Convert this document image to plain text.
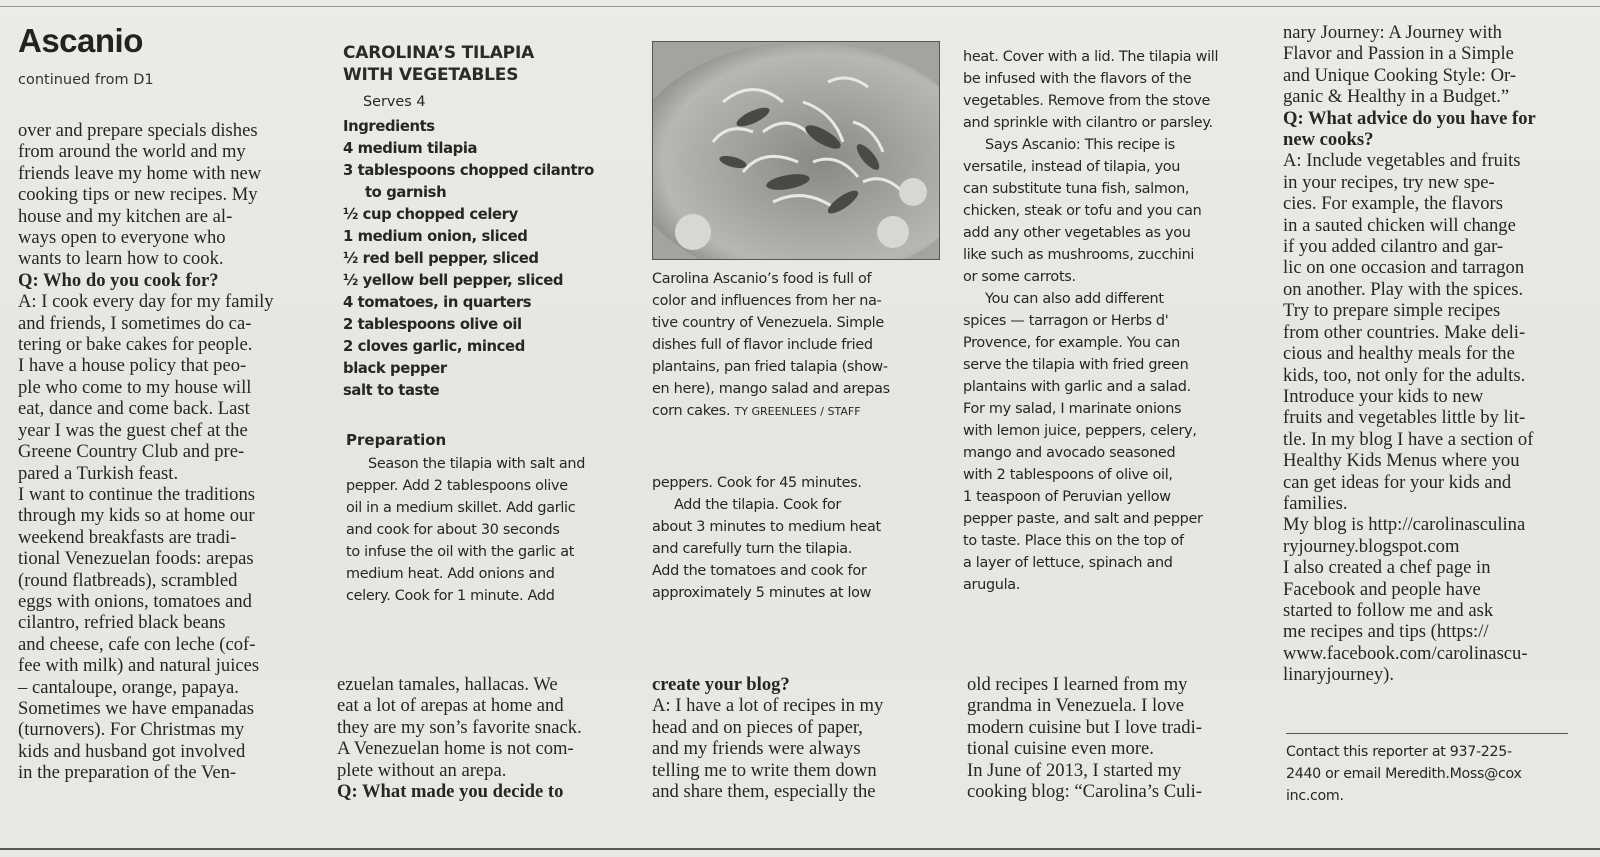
Ascanio
continued from D1
over and prepare specials dishes
from around the world and my
friends leave my home with new
cooking tips or new recipes. My
house and my kitchen are al-
ways open to everyone who
wants to learn how to cook.
Q: Who do you cook for?
A: I cook every day for my family
and friends, I sometimes do ca-
tering or bake cakes for people.
I have a house policy that peo-
ple who come to my house will
eat, dance and come back. Last
year I was the guest chef at the
Greene Country Club and pre-
pared a Turkish feast.
I want to continue the traditions
through my kids so at home our
weekend breakfasts are tradi-
tional Venezuelan foods: arepas
(round flatbreads), scrambled
eggs with onions, tomatoes and
cilantro, refried black beans
and cheese, cafe con leche (cof-
fee with milk) and natural juices
– cantaloupe, orange, papaya.
Sometimes we have empanadas
(turnovers). For Christmas my
kids and husband got involved
in the preparation of the Ven-
CAROLINA’S TILAPIA
WITH VEGETABLES
Serves 4
Ingredients
4 medium tilapia
3 tablespoons chopped cilantro
to garnish
½ cup chopped celery
1 medium onion, sliced
½ red bell pepper, sliced
½ yellow bell pepper, sliced
4 tomatoes, in quarters
2 tablespoons olive oil
2 cloves garlic, minced
black pepper
salt to taste
Preparation
Season the tilapia with salt and
pepper. Add 2 tablespoons olive
oil in a medium skillet. Add garlic
and cook for about 30 seconds
to infuse the oil with the garlic at
medium heat. Add onions and
celery. Cook for 1 minute. Add
ezuelan tamales, hallacas. We
eat a lot of arepas at home and
they are my son’s favorite snack.
A Venezuelan home is not com-
plete without an arepa.
Q: What made you decide to
Carolina Ascanio’s food is full of
color and influences from her na-
tive country of Venezuela. Simple
dishes full of flavor include fried
plantains, pan fried talapia (show-
en here), mango salad and arepas
corn cakes. TY GREENLEES / STAFF
peppers. Cook for 45 minutes.
Add the tilapia. Cook for
about 3 minutes to medium heat
and carefully turn the tilapia.
Add the tomatoes and cook for
approximately 5 minutes at low
create your blog?
A: I have a lot of recipes in my
head and on pieces of paper,
and my friends were always
telling me to write them down
and share them, especially the
heat. Cover with a lid. The tilapia will
be infused with the flavors of the
vegetables. Remove from the stove
and sprinkle with cilantro or parsley.
Says Ascanio: This recipe is
versatile, instead of tilapia, you
can substitute tuna fish, salmon,
chicken, steak or tofu and you can
add any other vegetables as you
like such as mushrooms, zucchini
or some carrots.
You can also add different
spices — tarragon or Herbs d'
Provence, for example. You can
serve the tilapia with fried green
plantains with garlic and a salad.
For my salad, I marinate onions
with lemon juice, peppers, celery,
mango and avocado seasoned
with 2 tablespoons of olive oil,
1 teaspoon of Peruvian yellow
pepper paste, and salt and pepper
to taste. Place this on the top of
a layer of lettuce, spinach and
arugula.
old recipes I learned from my
grandma in Venezuela. I love
modern cuisine but I love tradi-
tional cuisine even more.
In June of 2013, I started my
cooking blog: “Carolina’s Culi-
nary Journey: A Journey with
Flavor and Passion in a Simple
and Unique Cooking Style: Or-
ganic & Healthy in a Budget.”
Q: What advice do you have for
new cooks?
A: Include vegetables and fruits
in your recipes, try new spe-
cies. For example, the flavors
in a sauted chicken will change
if you added cilantro and gar-
lic on one occasion and tarragon
on another. Play with the spices.
Try to prepare simple recipes
from other countries. Make deli-
cious and healthy meals for the
kids, too, not only for the adults.
Introduce your kids to new
fruits and vegetables little by lit-
tle. In my blog I have a section of
Healthy Kids Menus where you
can get ideas for your kids and
families.
My blog is http://carolinasculina
ryjourney.blogspot.com
I also created a chef page in
Facebook and people have
started to follow me and ask
me recipes and tips (https://
www.facebook.com/carolinascu-
linaryjourney).
Contact this reporter at 937-225-
2440 or email Meredith.Moss@cox
inc.com.
